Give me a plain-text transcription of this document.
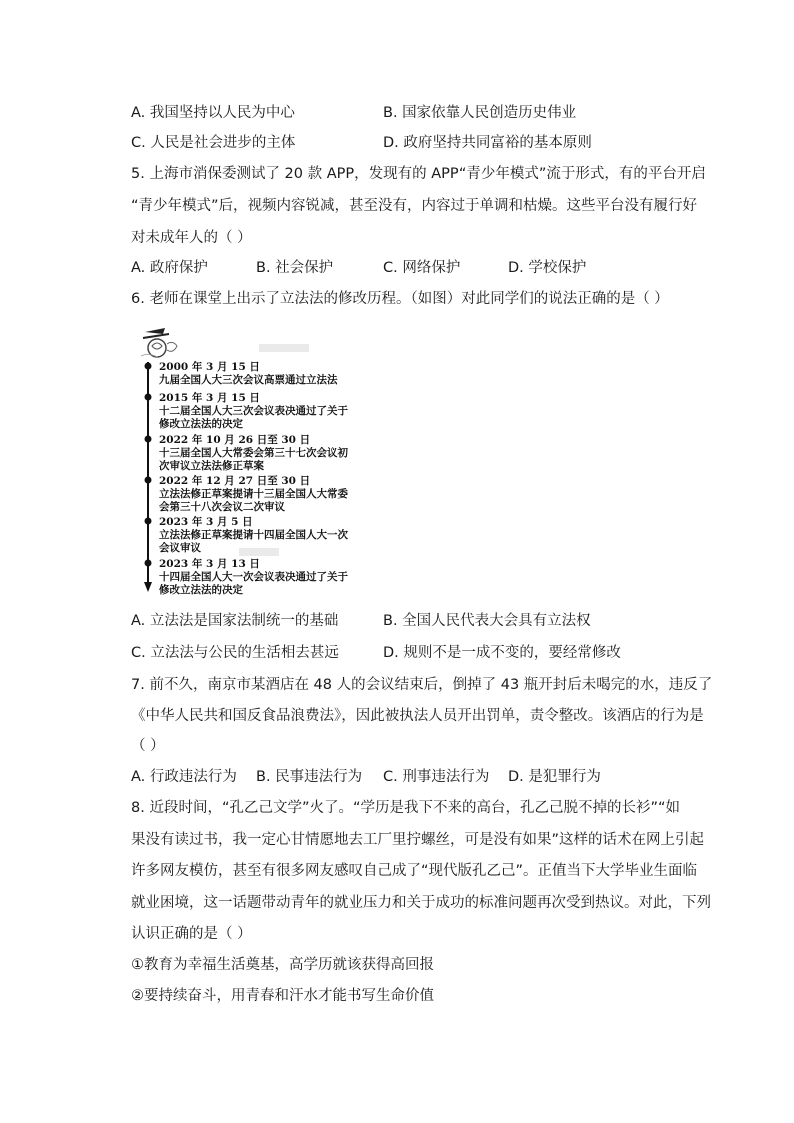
A. 我国坚持以人民为中心	B. 国家依靠人民创造历史伟业
C. 人民是社会进步的主体	D. 政府坚持共同富裕的基本原则
5. 上海市消保委测试了 20 款 APP，发现有的 APP“青少年模式”流于形式，有的平台开启
“青少年模式”后，视频内容锐减，甚至没有，内容过于单调和枯燥。这些平台没有履行好
对未成年人的（ ）
A. 政府保护	B. 社会保护	C. 网络保护	D. 学校保护
6. 老师在课堂上出示了立法法的修改历程。（如图）对此同学们的说法正确的是（ ）
2000 年 3 月 15 日
九届全国人大三次会议高票通过立法法
2015 年 3 月 15 日
十二届全国人大三次会议表决通过了关于
修改立法法的决定
2022 年 10 月 26 日至 30 日
十三届全国人大常委会第三十七次会议初
次审议立法法修正草案
2022 年 12 月 27 日至 30 日
立法法修正草案提请十三届全国人大常委
会第三十八次会议二次审议
2023 年 3 月 5 日
立法法修正草案提请十四届全国人大一次
会议审议
2023 年 3 月 13 日
十四届全国人大一次会议表决通过了关于
修改立法法的决定
A. 立法法是国家法制统一的基础	B. 全国人民代表大会具有立法权
C. 立法法与公民的生活相去甚远	D. 规则不是一成不变的，要经常修改
7. 前不久，南京市某酒店在 48 人的会议结束后，倒掉了 43 瓶开封后未喝完的水，违反了
《中华人民共和国反食品浪费法》，因此被执法人员开出罚单，责令整改。该酒店的行为是
（ ）
A. 行政违法行为 B. 民事违法行为 C. 刑事违法行为 D. 是犯罪行为
8. 近段时间，“孔乙己文学”火了。“学历是我下不来的高台，孔乙己脱不掉的长衫”“如
果没有读过书，我一定心甘情愿地去工厂里拧螺丝，可是没有如果”这样的话术在网上引起
许多网友模仿，甚至有很多网友感叹自己成了“现代版孔乙己”。正值当下大学毕业生面临
就业困境，这一话题带动青年的就业压力和关于成功的标准问题再次受到热议。对此，下列
认识正确的是（ ）
①教育为幸福生活奠基，高学历就该获得高回报
②要持续奋斗，用青春和汗水才能书写生命价值
